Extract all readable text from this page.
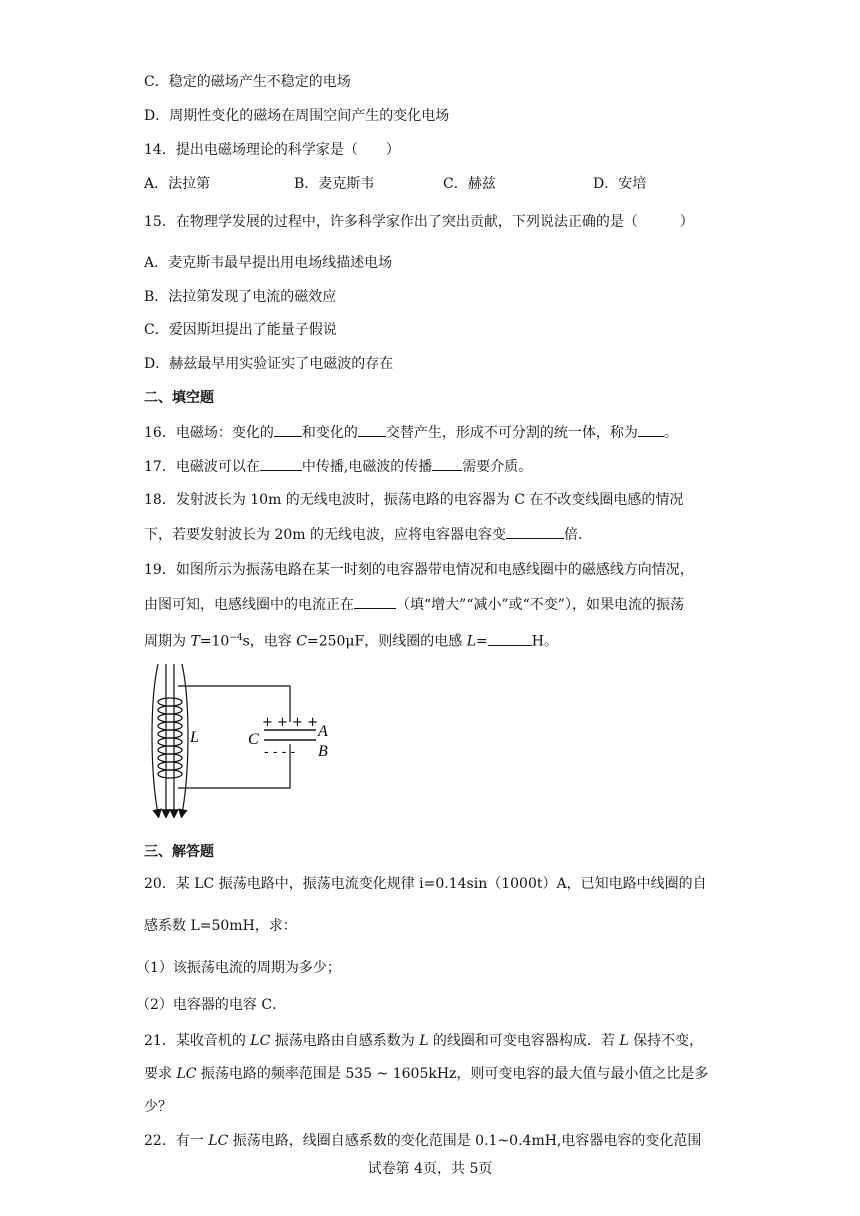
C．稳定的磁场产生不稳定的电场
D．周期性变化的磁场在周围空间产生的变化电场
14．提出电磁场理论的科学家是（　　）
A．法拉第	B．麦克斯韦	C．赫兹	D．安培
15．在物理学发展的过程中，许多科学家作出了突出贡献，下列说法正确的是（　　　）
A．麦克斯韦最早提出用电场线描述电场
B．法拉第发现了电流的磁效应
C．爱因斯坦提出了能量子假说
D．赫兹最早用实验证实了电磁波的存在
二、填空题
16．电磁场：变化的 和变化的 交替产生，形成不可分割的统一体，称为 。
17．电磁波可以在	中传播,电磁波的传播 需要介质。
18．发射波长为 10m 的无线电波时，振荡电路的电容器为 C 在不改变线圈电感的情况
下，若要发射波长为 20m 的无线电波，应将电容器电容变	倍.
19．如图所示为振荡电路在某一时刻的电容器带电情况和电感线圈中的磁感线方向情况，
由图可知，电感线圈中的电流正在	（填“增大”“减小”或“不变”），如果电流的振荡
周期为 $T=10^{-4}s$，电容 C=250μF，则线圈的电感 L=	H。
+ + + +
- - - -
L	C	A
B
三、解答题
20．某 LC 振荡电路中，振荡电流变化规律 i=0.14sin（1000t）A，已知电路中线圈的自
感系数 L=50mH，求：
（1）该振荡电流的周期为多少；
（2）电容器的电容 C．
21．某收音机的 LC 振荡电路由自感系数为 L 的线圈和可变电容器构成．若 L 保持不变，
要求 LC 振荡电路的频率范围是 535 ~ 1605kHz，则可变电容的最大值与最小值之比是多
少？
22．有一 LC 振荡电路，线圈自感系数的变化范围是 0.1~0.4mH,电容器电容的变化范围
试卷第 4页，共 5页
